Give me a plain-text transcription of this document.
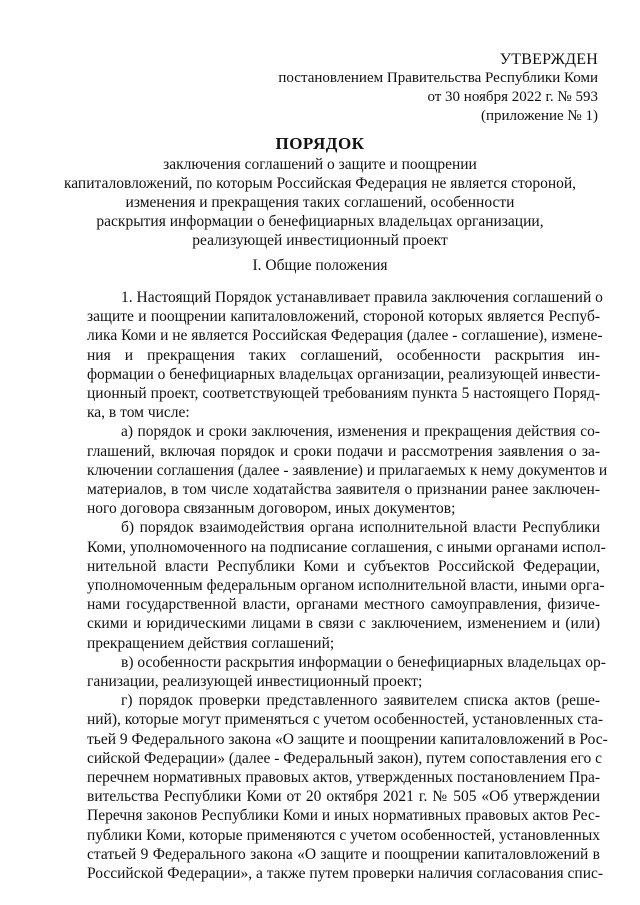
УТВЕРЖДЕН
постановлением Правительства Республики Коми
от 30 ноября 2022 г. № 593
(приложение № 1)
ПОРЯДОК
заключения соглашений о защите и поощрении
капиталовложений, по которым Российская Федерация не является стороной,
изменения и прекращения таких соглашений, особенности
раскрытия информации о бенефициарных владельцах организации,
реализующей инвестиционный проект
I. Общие положения
1. Настоящий Порядок устанавливает правила заключения соглашений о
защите и поощрении капиталовложений, стороной которых является Респуб-
лика Коми и не является Российская Федерация (далее - соглашение), измене-
ния и прекращения таких соглашений, особенности раскрытия ин-
формации о бенефициарных владельцах организации, реализующей инвести-
ционный проект, соответствующей требованиям пункта 5 настоящего Поряд-
ка, в том числе:
а) порядок и сроки заключения, изменения и прекращения действия со-
глашений, включая порядок и сроки подачи и рассмотрения заявления о за-
ключении соглашения (далее - заявление) и прилагаемых к нему документов и
материалов, в том числе ходатайства заявителя о признании ранее заключен-
ного договора связанным договором, иных документов;
б) порядок взаимодействия органа исполнительной власти Республики
Коми, уполномоченного на подписание соглашения, с иными органами испол-
нительной власти Республики Коми и субъектов Российской Федерации,
уполномоченным федеральным органом исполнительной власти, иными орга-
нами государственной власти, органами местного самоуправления, физиче-
скими и юридическими лицами в связи с заключением, изменением и (или)
прекращением действия соглашений;
в) особенности раскрытия информации о бенефициарных владельцах ор-
ганизации, реализующей инвестиционный проект;
г) порядок проверки представленного заявителем списка актов (реше-
ний), которые могут применяться с учетом особенностей, установленных ста-
тьей 9 Федерального закона «О защите и поощрении капиталовложений в Рос-
сийской Федерации» (далее - Федеральный закон), путем сопоставления его с
перечнем нормативных правовых актов, утвержденных постановлением Пра-
вительства Республики Коми от 20 октября 2021 г. № 505 «Об утверждении
Перечня законов Республики Коми и иных нормативных правовых актов Рес-
публики Коми, которые применяются с учетом особенностей, установленных
статьей 9 Федерального закона «О защите и поощрении капиталовложений в
Российской Федерации», а также путем проверки наличия согласования спис-
